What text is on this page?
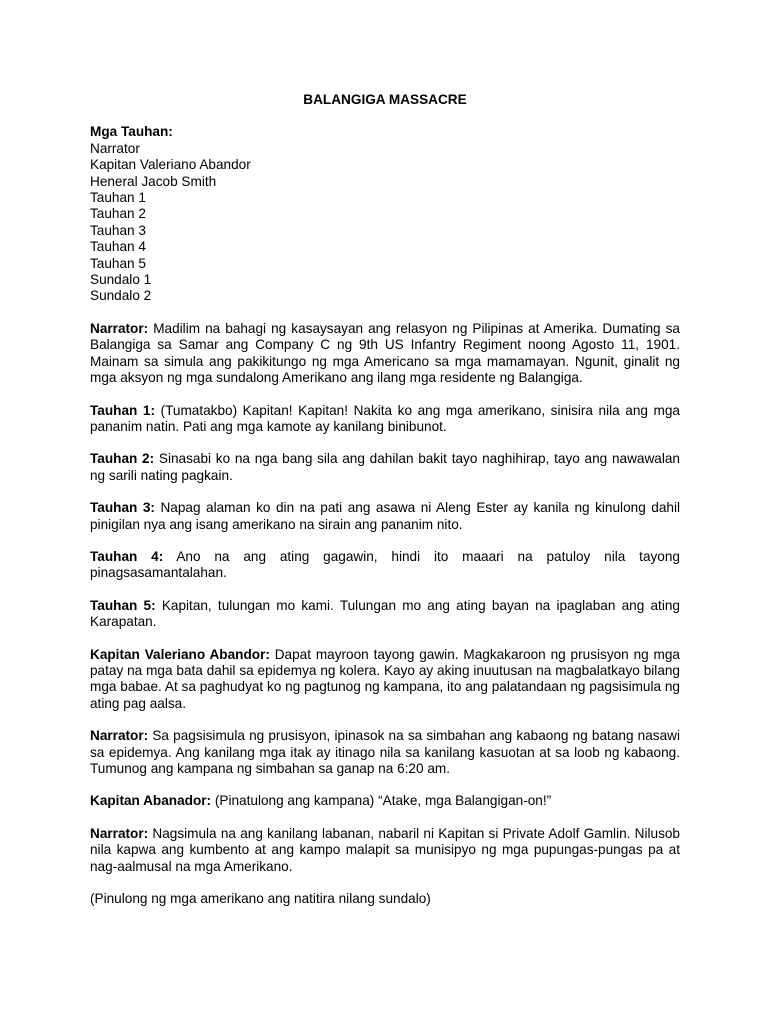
BALANGIGA MASSACRE

Mga Tauhan:

Narrator
Kapitan Valeriano Abandor
Heneral Jacob Smith
Tauhan 1
Tauhan 2
Tauhan 3
Tauhan 4
Tauhan 5
Sundalo 1
Sundalo 2

Narrator: Madilim na bahagi ng kasaysayan ang relasyon ng Pilipinas at Amerika. Dumating sa Balangiga sa Samar ang Company C ng 9th US Infantry Regiment noong Agosto 11, 1901. Mainam sa simula ang pakikitungo ng mga Americano sa mga mamamayan. Ngunit, ginalit ng mga aksyon ng mga sundalong Amerikano ang ilang mga residente ng Balangiga.

Tauhan 1: (Tumatakbo) Kapitan! Kapitan! Nakita ko ang mga amerikano, sinisira nila ang mga pananim natin. Pati ang mga kamote ay kanilang binibunot.

Tauhan 2: Sinasabi ko na nga bang sila ang dahilan bakit tayo naghihirap, tayo ang nawawalan ng sarili nating pagkain.

Tauhan 3: Napag alaman ko din na pati ang asawa ni Aleng Ester ay kanila ng kinulong dahil pinigilan nya ang isang amerikano na sirain ang pananim nito.

Tauhan 4: Ano na ang ating gagawin, hindi ito maaari na patuloy nila tayong pinagsasamantalahan.

Tauhan 5: Kapitan, tulungan mo kami. Tulungan mo ang ating bayan na ipaglaban ang ating Karapatan.

Kapitan Valeriano Abandor: Dapat mayroon tayong gawin. Magkakaroon ng prusisyon ng mga patay na mga bata dahil sa epidemya ng kolera. Kayo ay aking inuutusan na magbalatkayo bilang mga babae. At sa paghudyat ko ng pagtunog ng kampana, ito ang palatandaan ng pagsisimula ng ating pag aalsa.

Narrator: Sa pagsisimula ng prusisyon, ipinasok na sa simbahan ang kabaong ng batang nasawi sa epidemya. Ang kanilang mga itak ay itinago nila sa kanilang kasuotan at sa loob ng kabaong. Tumunog ang kampana ng simbahan sa ganap na 6:20 am.

Kapitan Abanador: (Pinatulong ang kampana) “Atake, mga Balangigan-on!”

Narrator: Nagsimula na ang kanilang labanan, nabaril ni Kapitan si Private Adolf Gamlin. Nilusob nila kapwa ang kumbento at ang kampo malapit sa munisipyo ng mga pupungas-pungas pa at nag-aalmusal na mga Amerikano.

(Pinulong ng mga amerikano ang natitira nilang sundalo)
